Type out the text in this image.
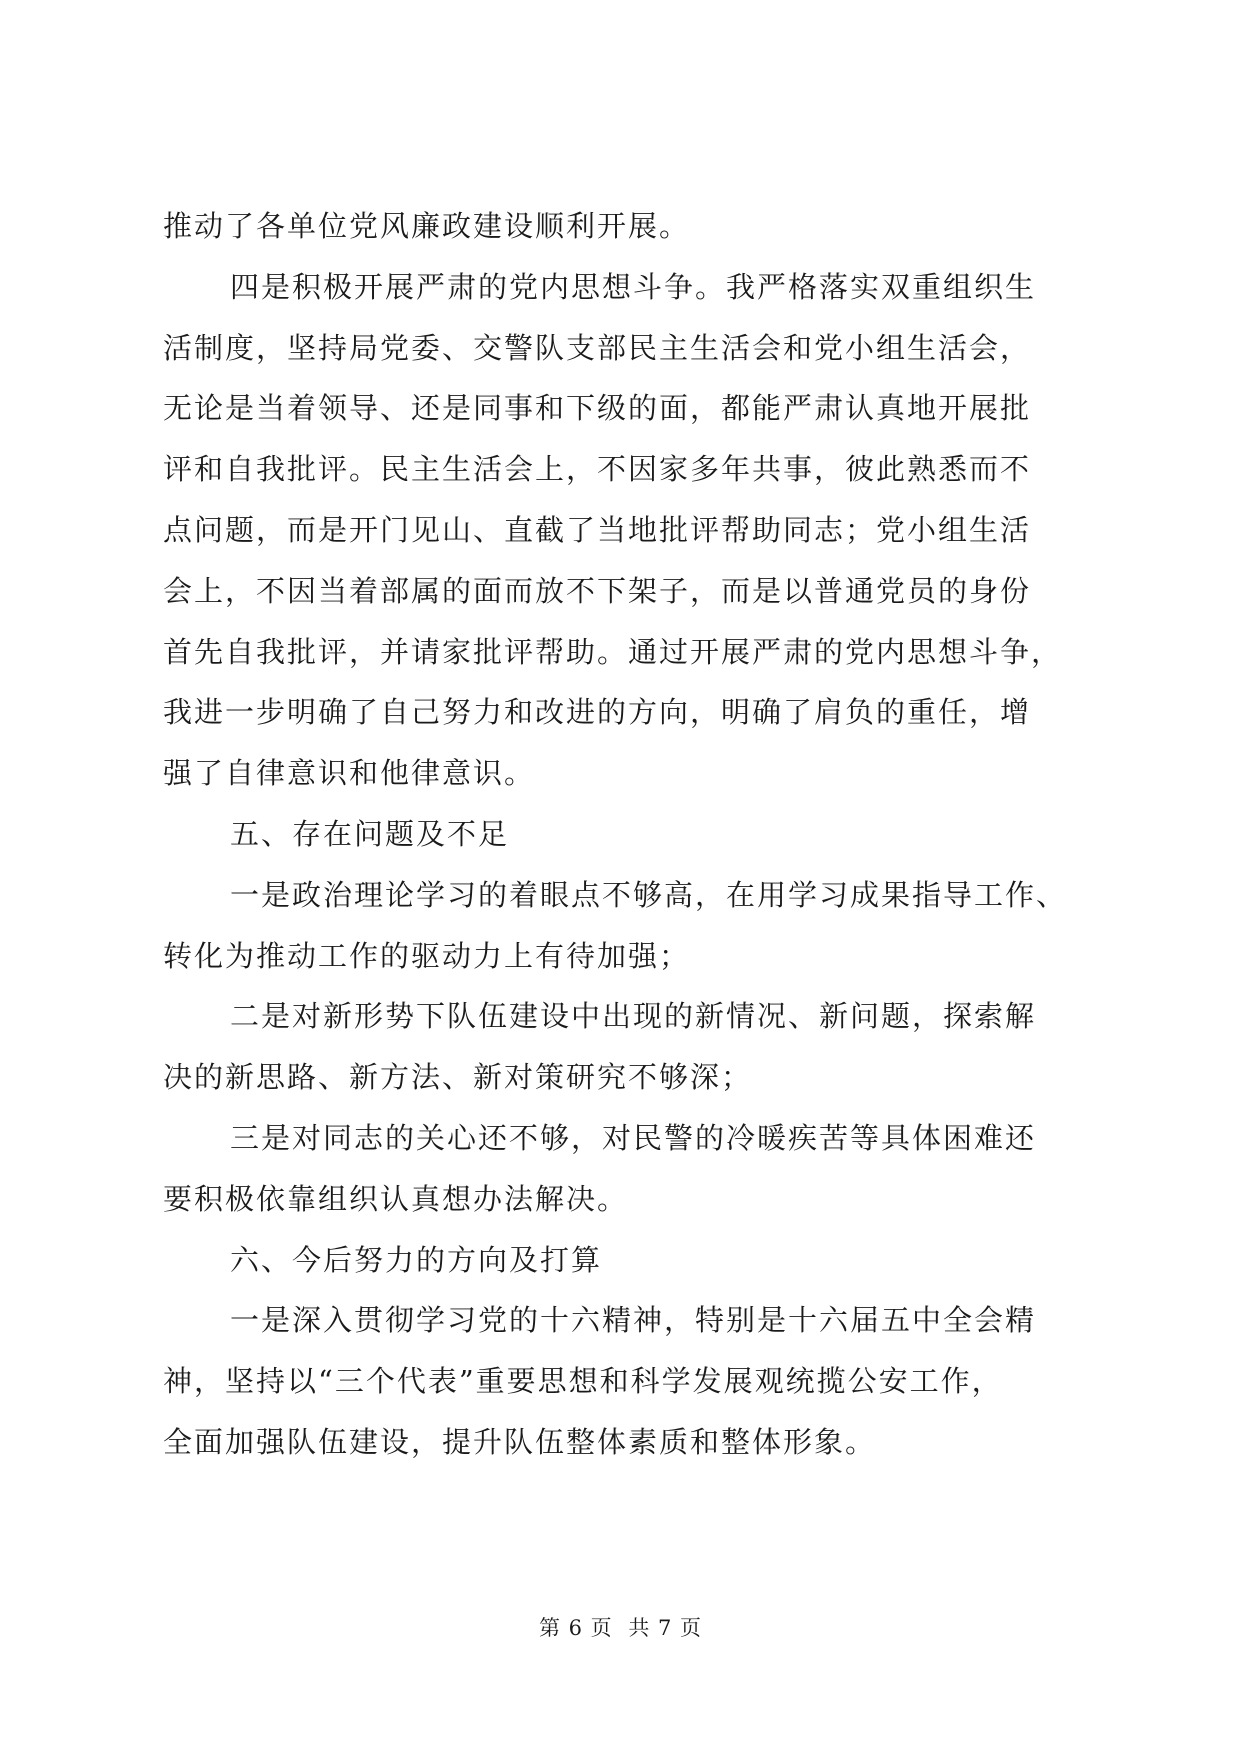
推动了各单位党风廉政建设顺利开展。
四是积极开展严肃的党内思想斗争。我严格落实双重组织生
活制度，坚持局党委、交警队支部民主生活会和党小组生活会，
无论是当着领导、还是同事和下级的面，都能严肃认真地开展批
评和自我批评。民主生活会上，不因家多年共事，彼此熟悉而不
点问题，而是开门见山、直截了当地批评帮助同志；党小组生活
会上，不因当着部属的面而放不下架子，而是以普通党员的身份
首先自我批评，并请家批评帮助。通过开展严肃的党内思想斗争，
我进一步明确了自己努力和改进的方向，明确了肩负的重任，增
强了自律意识和他律意识。
五、存在问题及不足
一是政治理论学习的着眼点不够高，在用学习成果指导工作、
转化为推动工作的驱动力上有待加强；
二是对新形势下队伍建设中出现的新情况、新问题，探索解
决的新思路、新方法、新对策研究不够深；
三是对同志的关心还不够，对民警的冷暖疾苦等具体困难还
要积极依靠组织认真想办法解决。
六、今后努力的方向及打算
一是深入贯彻学习党的十六精神，特别是十六届五中全会精
神，坚持以“三个代表”重要思想和科学发展观统揽公安工作，
全面加强队伍建设，提升队伍整体素质和整体形象。
第 6 页 共 7 页
